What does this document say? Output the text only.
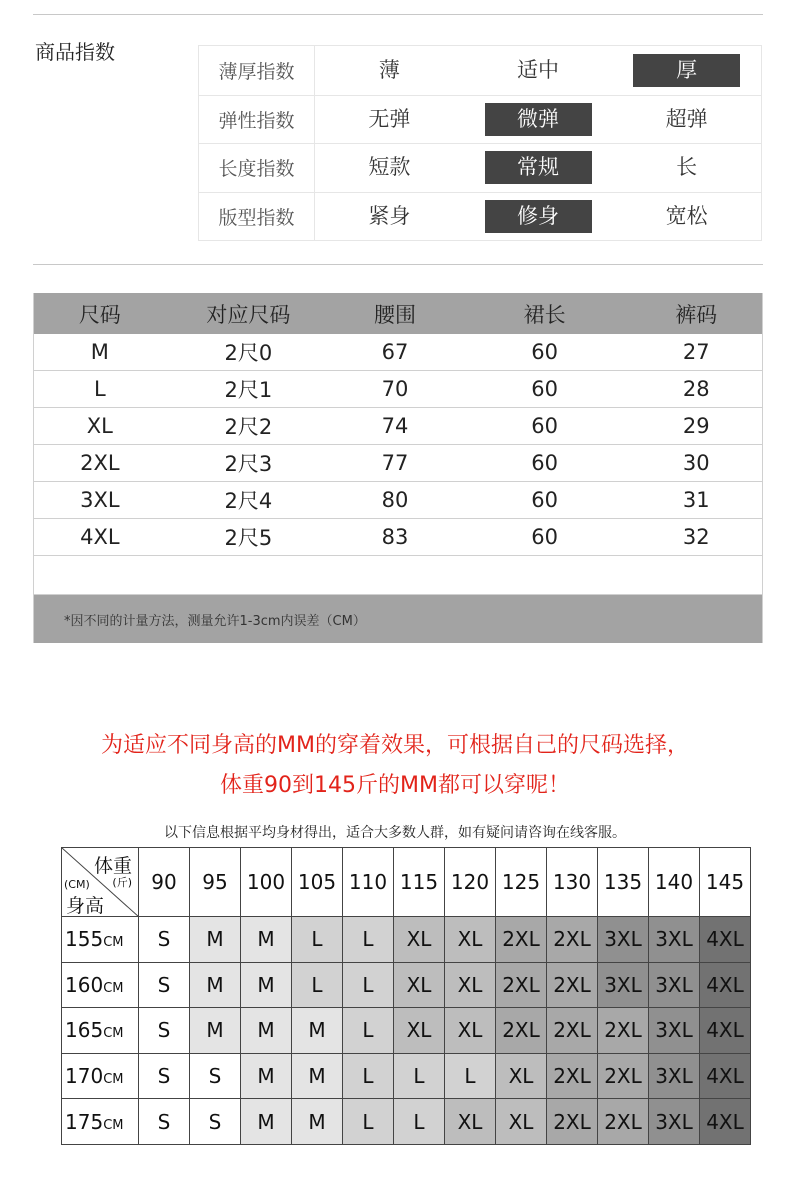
商品指数
薄厚指数	薄	适中	厚
弹性指数	无弹	微弹	超弹
长度指数	短款	常规	长
版型指数	紧身	修身	宽松
尺码	对应尺码	腰围	裙长	裤码
M	2尺0	67	60	27
L	2尺1	70	60	28
XL	2尺2	74	60	29
2XL	2尺3	77	60	30
3XL	2尺4	80	60	31
4XL	2尺5	83	60	32
*因不同的计量方法，测量允许1-3cm内误差（CM）
为适应不同身高的MM的穿着效果，可根据自己的尺码选择，
体重90到145斤的MM都可以穿呢！
以下信息根据平均身材得出，适合大多数人群，如有疑问请咨询在线客服。
体重
(斤)
(CM)
身高	90	95	100	105	110	115	120	125	130	135	140	145
155CM	S	M	M	L	L	XL	XL	2XL	2XL	3XL	3XL	4XL
160CM	S	M	M	L	L	XL	XL	2XL	2XL	3XL	3XL	4XL
165CM	S	M	M	M	L	XL	XL	2XL	2XL	2XL	3XL	4XL
170CM	S	S	M	M	L	L	L	XL	2XL	2XL	3XL	4XL
175CM	S	S	M	M	L	L	XL	XL	2XL	2XL	3XL	4XL
